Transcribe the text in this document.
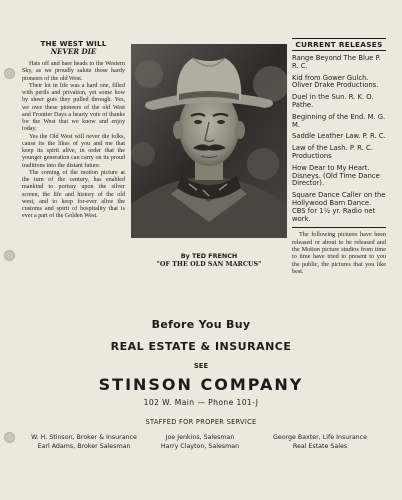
THE WEST WILL
NEVER DIE

Hats off and bare heads to the Western Sky, as we proudly salute those hardy pioneers of the old West.

Their lot in life was a hard one, filled with perils and privation, yet some how by sheer guts they pulled through. Yes, we owe these pioneers of the old West and Frontier Days a hearty vote of thanks for the West that we know and enjoy today.

Yes the Old West will never die folks, cause its the likes of you and me that keep its spirit alive, in order that the younger generation can carry on its proud traditions into the distant future.

The coming of the motion picture at the turn of the century, has enabled mankind to portray upon the silver screen, the life and history of the old west, and to keep for-ever alive the customs and spirit of hospitality that is ever a part of the Golden West.

By TED FRENCH
"OF THE OLD SAN MARCUS"
CURRENT RELEASES
Range Beyond The Blue P. R. C.
Kid from Gower Gulch. Oliver Drake Productions.
Duel in the Sun. R. K. O. Pathe.
Beginning of the End. M. G. M.
Saddle Leather Law. P. R. C.
Law of the Lash. P. R. C. Productions
How Dear to My Heart. Disneys. (Old Time Dance Director).
Square Dance Caller on the Hollywood Barn Dance. CBS for 1½ yr. Radio net work.

The following pictures have been released or about to be released and the Motion picture studios from time to time have tried to present to you the public, the pictures that you like best.

Before You Buy
REAL ESTATE & INSURANCE
SEE
STINSON COMPANY
102 W. Main — Phone 101-J
STAFFED FOR PROPER SERVICE
W. H. Stinson, Broker & Insurance
Earl Adams, Broker Salesman
Joe Jenkins, Salesman
Harry Clayton, Salesman
George Baxter, Life Insurance
Real Estate Sales
